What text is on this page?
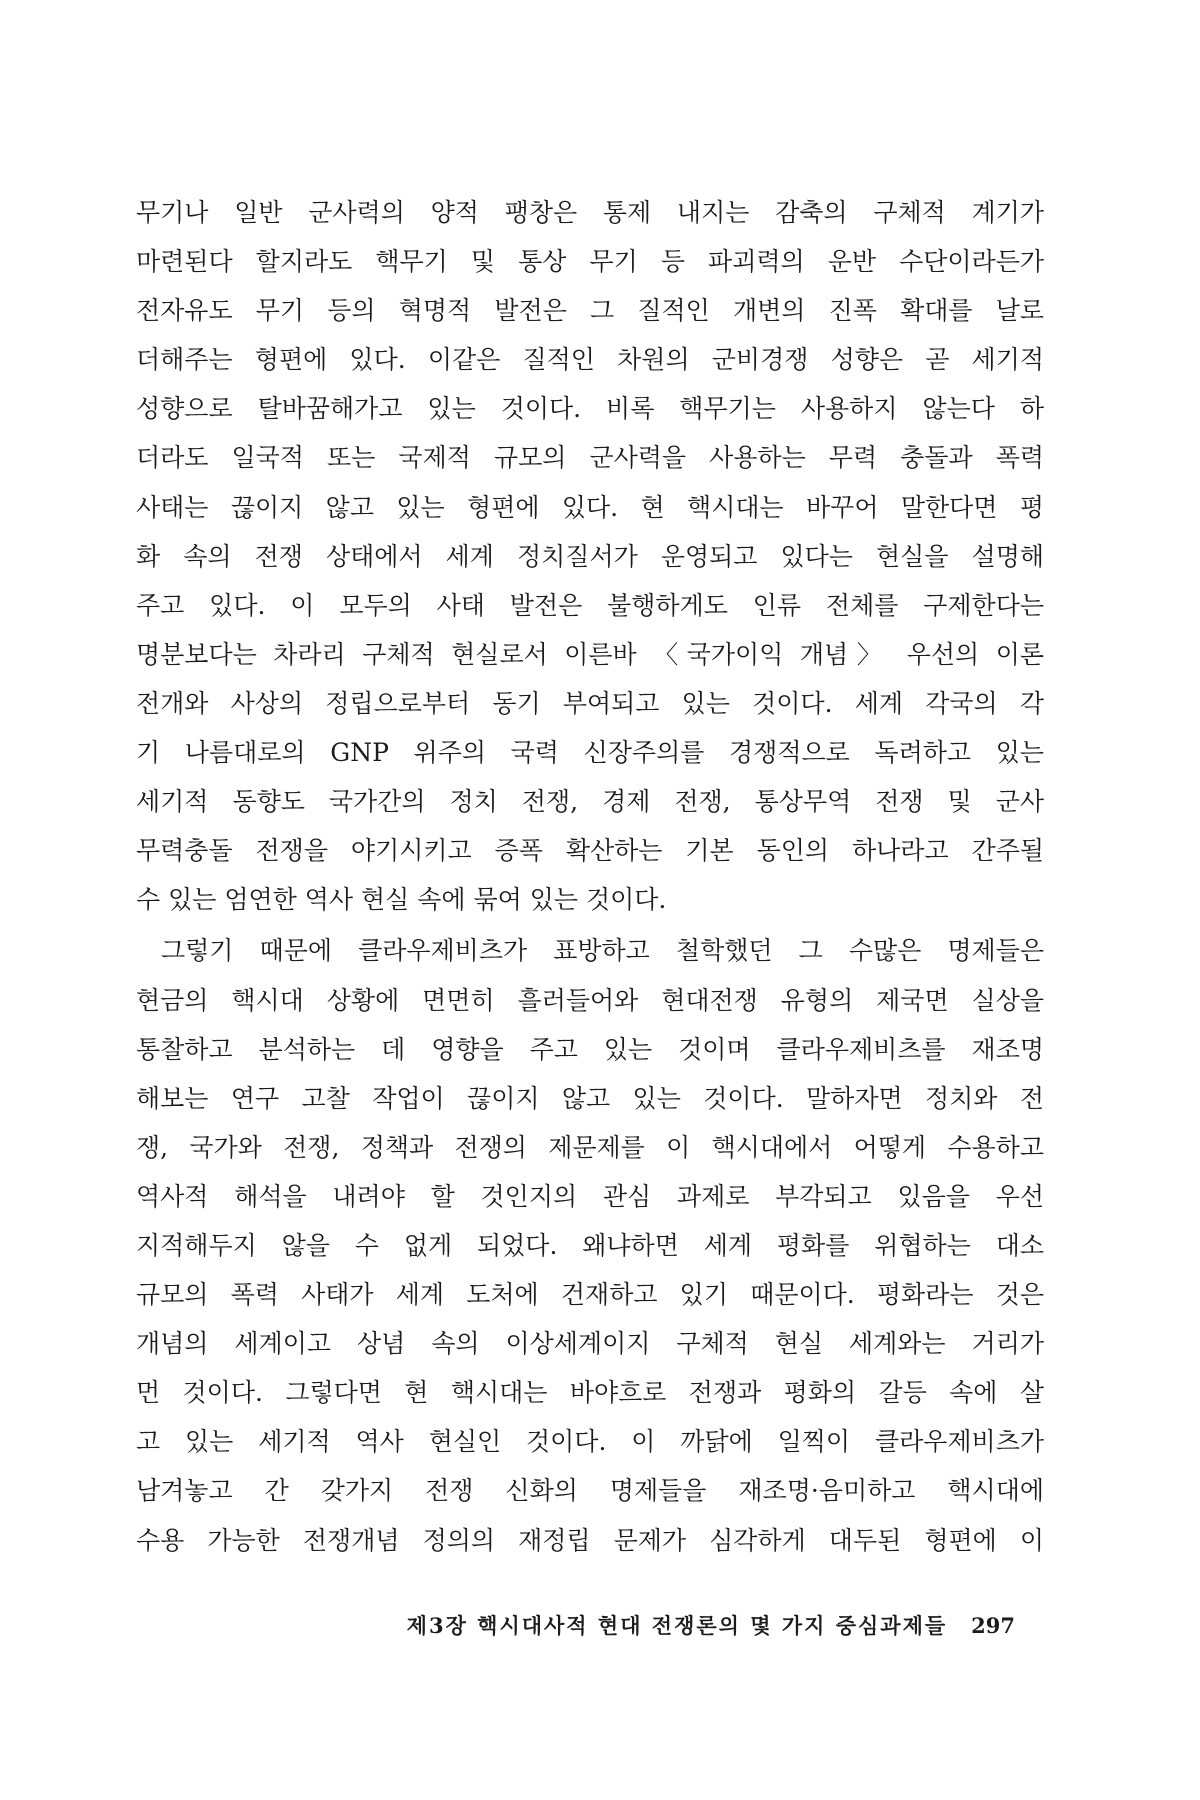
무기나 일반 군사력의 양적 팽창은 통제 내지는 감축의 구체적 계기가
마련된다 할지라도 핵무기 및 통상 무기 등 파괴력의 운반 수단이라든가
전자유도 무기 등의 혁명적 발전은 그 질적인 개변의 진폭 확대를 날로
더해주는 형편에 있다. 이같은 질적인 차원의 군비경쟁 성향은 곧 세기적
성향으로 탈바꿈해가고 있는 것이다. 비록 핵무기는 사용하지 않는다 하
더라도 일국적 또는 국제적 규모의 군사력을 사용하는 무력 충돌과 폭력
사태는 끊이지 않고 있는 형편에 있다. 현 핵시대는 바꾸어 말한다면 평
화 속의 전쟁 상태에서 세계 정치질서가 운영되고 있다는 현실을 설명해
주고 있다. 이 모두의 사태 발전은 불행하게도 인류 전체를 구제한다는
명분보다는 차라리 구체적 현실로서 이른바 〈국가이익 개념〉 우선의 이론
전개와 사상의 정립으로부터 동기 부여되고 있는 것이다. 세계 각국의 각
기 나름대로의 GNP 위주의 국력 신장주의를 경쟁적으로 독려하고 있는
세기적 동향도 국가간의 정치 전쟁, 경제 전쟁, 통상무역 전쟁 및 군사
무력충돌 전쟁을 야기시키고 증폭 확산하는 기본 동인의 하나라고 간주될
수 있는 엄연한 역사 현실 속에 묶여 있는 것이다.
그렇기 때문에 클라우제비츠가 표방하고 철학했던 그 수많은 명제들은
현금의 핵시대 상황에 면면히 흘러들어와 현대전쟁 유형의 제국면 실상을
통찰하고 분석하는 데 영향을 주고 있는 것이며 클라우제비츠를 재조명
해보는 연구 고찰 작업이 끊이지 않고 있는 것이다. 말하자면 정치와 전
쟁, 국가와 전쟁, 정책과 전쟁의 제문제를 이 핵시대에서 어떻게 수용하고
역사적 해석을 내려야 할 것인지의 관심 과제로 부각되고 있음을 우선
지적해두지 않을 수 없게 되었다. 왜냐하면 세계 평화를 위협하는 대소
규모의 폭력 사태가 세계 도처에 건재하고 있기 때문이다. 평화라는 것은
개념의 세계이고 상념 속의 이상세계이지 구체적 현실 세계와는 거리가
먼 것이다. 그렇다면 현 핵시대는 바야흐로 전쟁과 평화의 갈등 속에 살
고 있는 세기적 역사 현실인 것이다. 이 까닭에 일찍이 클라우제비츠가
남겨놓고 간 갖가지 전쟁 신화의 명제들을 재조명·음미하고 핵시대에
수용 가능한 전쟁개념 정의의 재정립 문제가 심각하게 대두된 형편에 이
제3장 핵시대사적 현대 전쟁론의 몇 가지 중심과제들 297
